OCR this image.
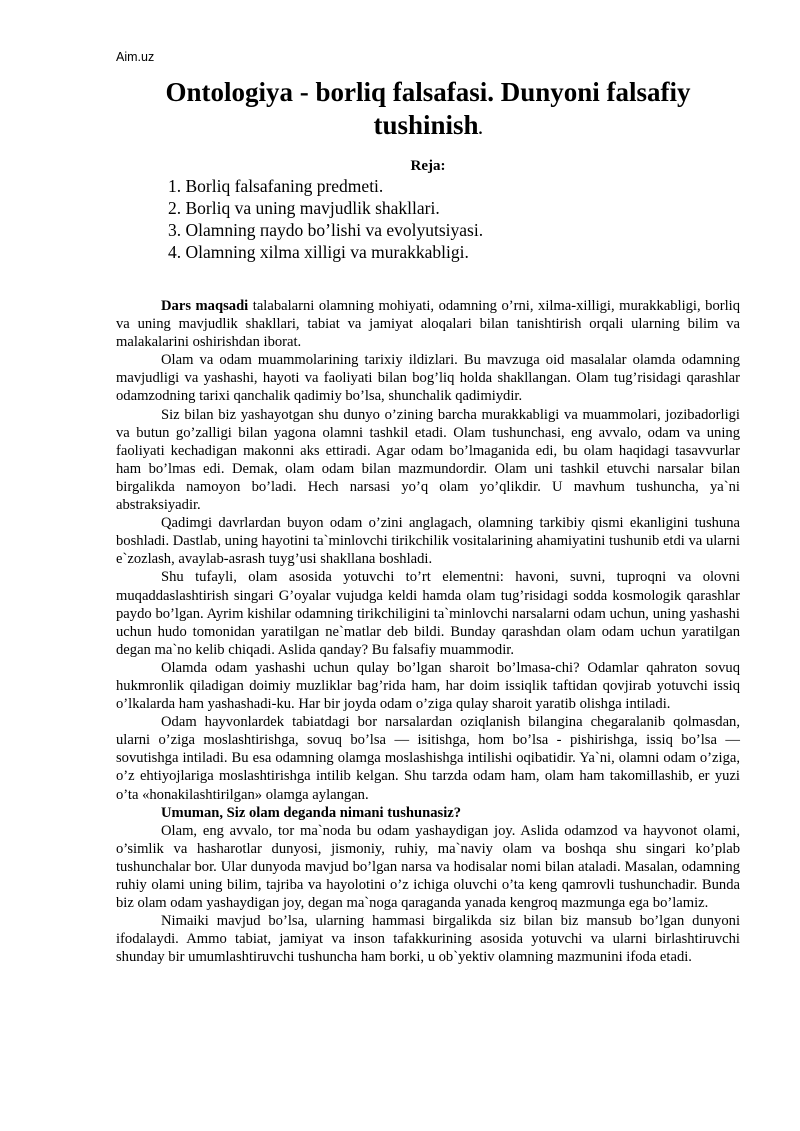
Aim.uz
Ontologiya - borliq falsafasi. Dunyoni falsafiy tushinish.
Reja:
1. Borliq falsafaning predmeti.
2. Borliq va uning mavjudlik shakllari.
3. Olamning паydo bo’lishi va evolyutsiyasi.
4. Olamning xilma xilligi va murakkabligi.

Dars maqsadi talabalarni olamning mohiyati, odamning o’rni, xilma-xilligi, murakkabligi, borliq va uning mavjudlik shakllari, tabiat va jamiyat aloqalari bilan tanishtirish orqali ularning bilim va malakalarini oshirishdan iborat.

Olam va odam muammolarining tarixiy ildizlari. Bu mavzuga oid masalalar olamda odamning mavjudligi va yashashi, hayoti va faoliyati bilan bog’liq holda shakllangan. Olam tug’risidagi qarashlar odamzodning tarixi qanchalik qadimiy bo’lsa, shunchalik qadimiydir.

Siz bilan biz yashayotgan shu dunyo o’zining barcha murakkabligi va muammolari, jozibadorligi va butun go’zalligi bilan yagona olamni tashkil etadi. Olam tushunchasi, eng avvalo, odam va uning faoliyati kechadigan makonni aks ettiradi. Agar odam bo’lmaganida edi, bu olam haqidagi tasavvurlar ham bo’lmas edi. Demak, olam odam bilan mazmundordir. Olam uni tashkil etuvchi narsalar bilan birgalikda namoyon bo’ladi. Hech narsasi yo’q olam yo’qlikdir. U mavhum tushuncha, ya`ni abstraksiyadir.

Qadimgi davrlardan buyon odam o’zini anglagach, olamning tarkibiy qismi ekanligini tushuna boshladi. Dastlab, uning hayotini ta`minlovchi tirikchilik vositalarining ahamiyatini tushunib etdi va ularni e`zozlash, avaylab-asrash tuyg’usi shakllana boshladi.

Shu tufayli, olam asosida yotuvchi to’rt elementni: havoni, suvni, tuproqni va olovni muqaddaslashtirish singari G’oyalar vujudga keldi hamda olam tug’risidagi sodda kosmologik qarashlar paydo bo’lgan. Ayrim kishilar odamning tirikchiligini ta`minlovchi narsalarni odam uchun, uning yashashi uchun hudo tomonidan yaratilgan ne`matlar deb bildi. Bunday qarashdan olam odam uchun yaratilgan degan ma`no kelib chiqadi. Aslida qanday? Bu falsafiy muammodir.

Olamda odam yashashi uchun qulay bo’lgan sharoit bo’lmasa-chi? Odamlar qahraton sovuq hukmronlik qiladigan doimiy muzliklar bag’rida ham, har doim issiqlik taftidan qovjirab yotuvchi issiq o’lkalarda ham yashashadi-ku. Har bir joyda odam o’ziga qulay sharoit yaratib olishga intiladi.

Odam hayvonlardek tabiatdagi bor narsalardan oziqlanish bilangina chegaralanib qolmasdan, ularni o’ziga moslashtirishga, sovuq bo’lsa — isitishga, hom bo’lsa - pishirishga, issiq bo’lsa — sovutishga intiladi. Bu esa odamning olamga moslashishga intilishi oqibatidir. Ya`ni, olamni odam o’ziga, o’z ehtiyojlariga moslashtirishga intilib kelgan. Shu tarzda odam ham, olam ham takomillashib, er yuzi o’ta «honakilashtirilgan» olamga aylangan.

Umuman, Siz olam deganda nimani tushunasiz?

Olam, eng avvalo, tor ma`noda bu odam yashaydigan joy. Aslida odamzod va hayvonot olami, o’simlik va hasharotlar dunyosi, jismoniy, ruhiy, ma`naviy olam va boshqa shu singari ko’plab tushunchalar bor. Ular dunyoda mavjud bo’lgan narsa va hodisalar nomi bilan ataladi. Masalan, odamning ruhiy olami uning bilim, tajriba va hayolotini o’z ichiga oluvchi o’ta keng qamrovli tushunchadir. Bunda biz olam odam yashaydigan joy, degan ma`noga qaraganda yanada kengroq mazmunga ega bo’lamiz.

Nimaiki mavjud bo’lsa, ularning hammasi birgalikda siz bilan biz mansub bo’lgan dunyoni ifodalaydi. Ammo tabiat, jamiyat va inson tafakkurining asosida yotuvchi va ularni birlashtiruvchi shunday bir umumlashtiruvchi tushuncha ham borki, u ob`yektiv olamning mazmunini ifoda etadi.
